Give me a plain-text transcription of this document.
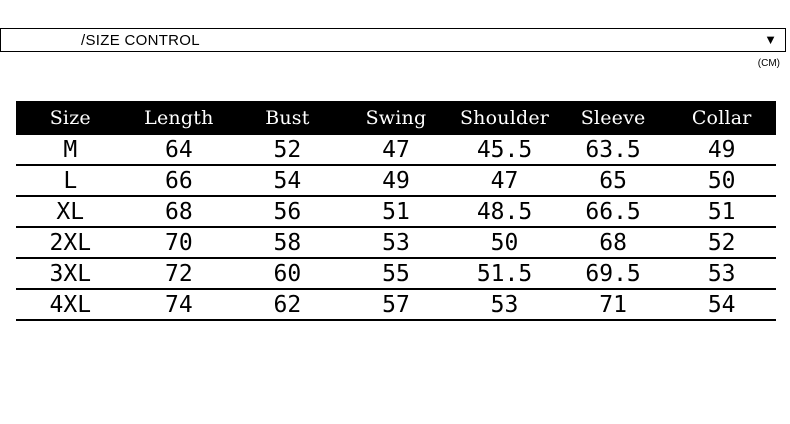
/SIZE CONTROL	▼
(CM)
Size	Length	Bust	Swing	Shoulder	Sleeve	Collar
M	64	52	47	45.5	63.5	49
L	66	54	49	47	65	50
XL	68	56	51	48.5	66.5	51
2XL	70	58	53	50	68	52
3XL	72	60	55	51.5	69.5	53
4XL	74	62	57	53	71	54
